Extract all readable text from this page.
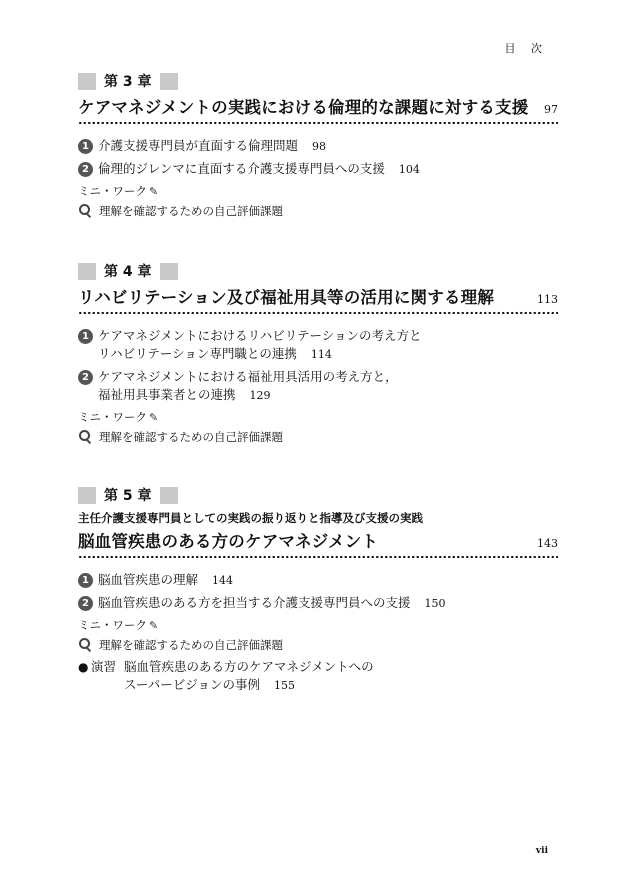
目 次
第 3 章
ケアマネジメントの実践における倫理的な課題に対する支援 97
1 介護支援専門員が直面する倫理問題 98
2 倫理的ジレンマに直面する介護支援専門員への支援 104
ミニ・ワーク ✎
理解を確認するための自己評価課題
第 4 章
リハビリテーション及び福祉用具等の活用に関する理解	113
1 ケアマネジメントにおけるリハビリテーションの考え方と
リハビリテーション専門職との連携 114
2 ケアマネジメントにおける福祉用具活用の考え方と，
福祉用具事業者との連携 129
ミニ・ワーク ✎
理解を確認するための自己評価課題
第 5 章
主任介護支援専門員としての実践の振り返りと指導及び支援の実践
脳血管疾患のある方のケアマネジメント	143
1 脳血管疾患の理解 144
2 脳血管疾患のある方を担当する介護支援専門員への支援 150
ミニ・ワーク ✎
理解を確認するための自己評価課題
● 演習 脳血管疾患のある方のケアマネジメントへの
スーパービジョンの事例 155
vii
